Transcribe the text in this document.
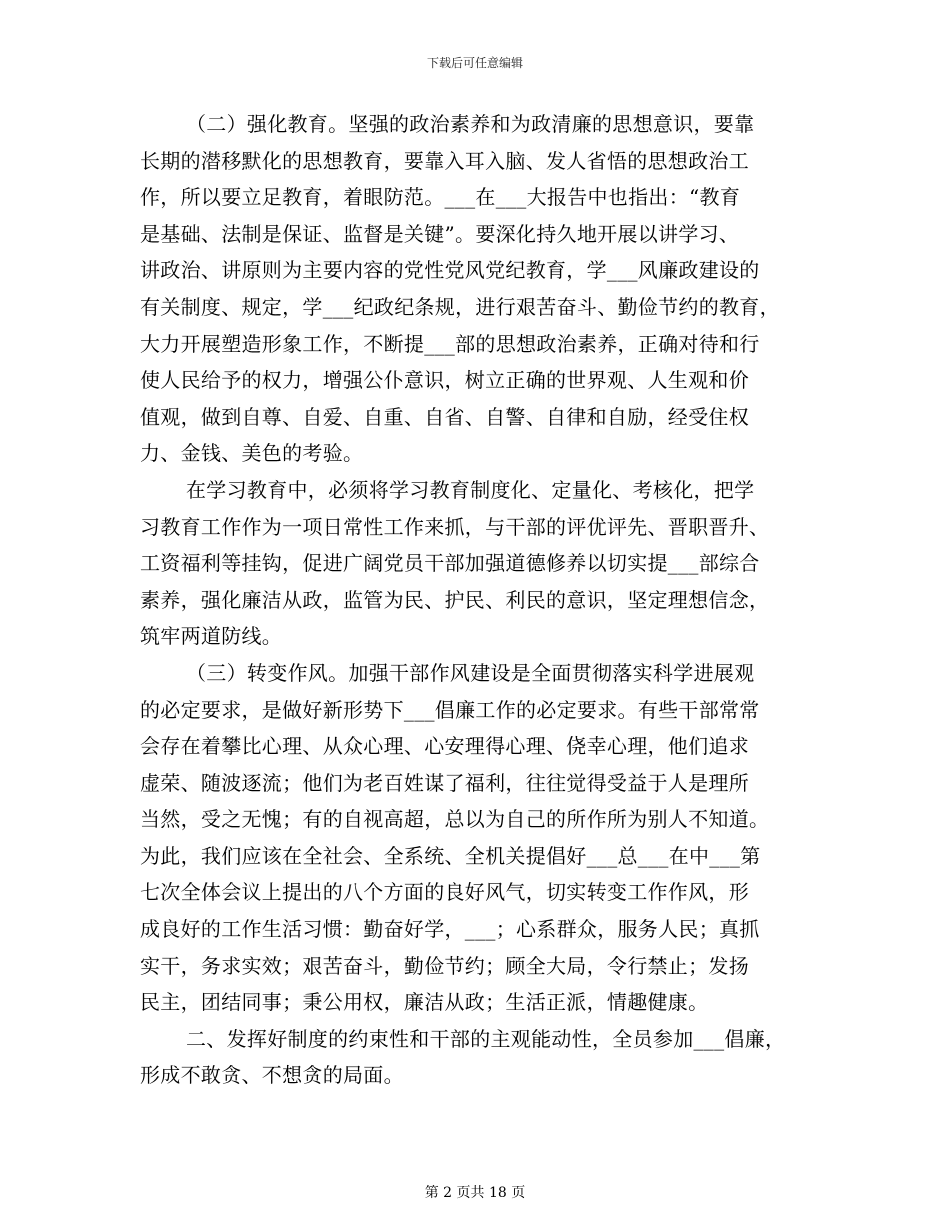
下载后可任意编辑
（二）强化教育。坚强的政治素养和为政清廉的思想意识，要靠
长期的潜移默化的思想教育，要靠入耳入脑、发人省悟的思想政治工
作，所以要立足教育，着眼防范。___在___大报告中也指出：“教育
是基础、法制是保证、监督是关键”。要深化持久地开展以讲学习、
讲政治、讲原则为主要内容的党性党风党纪教育，学___风廉政建设的
有关制度、规定，学___纪政纪条规，进行艰苦奋斗、勤俭节约的教育，
大力开展塑造形象工作，不断提___部的思想政治素养，正确对待和行
使人民给予的权力，增强公仆意识，树立正确的世界观、人生观和价
值观，做到自尊、自爱、自重、自省、自警、自律和自励，经受住权
力、金钱、美色的考验。
在学习教育中，必须将学习教育制度化、定量化、考核化，把学
习教育工作作为一项日常性工作来抓，与干部的评优评先、晋职晋升、
工资福利等挂钩，促进广阔党员干部加强道德修养以切实提___部综合
素养，强化廉洁从政，监管为民、护民、利民的意识，坚定理想信念，
筑牢两道防线。
（三）转变作风。加强干部作风建设是全面贯彻落实科学进展观
的必定要求，是做好新形势下___倡廉工作的必定要求。有些干部常常
会存在着攀比心理、从众心理、心安理得心理、侥幸心理，他们追求
虚荣、随波逐流；他们为老百姓谋了福利，往往觉得受益于人是理所
当然，受之无愧；有的自视高超，总以为自己的所作所为别人不知道。
为此，我们应该在全社会、全系统、全机关提倡好___总___在中___第
七次全体会议上提出的八个方面的良好风气，切实转变工作作风，形
成良好的工作生活习惯：勤奋好学，___；心系群众，服务人民；真抓
实干，务求实效；艰苦奋斗，勤俭节约；顾全大局，令行禁止；发扬
民主，团结同事；秉公用权，廉洁从政；生活正派，情趣健康。
二、发挥好制度的约束性和干部的主观能动性，全员参加___倡廉，
形成不敢贪、不想贪的局面。
第 2 页共 18 页
